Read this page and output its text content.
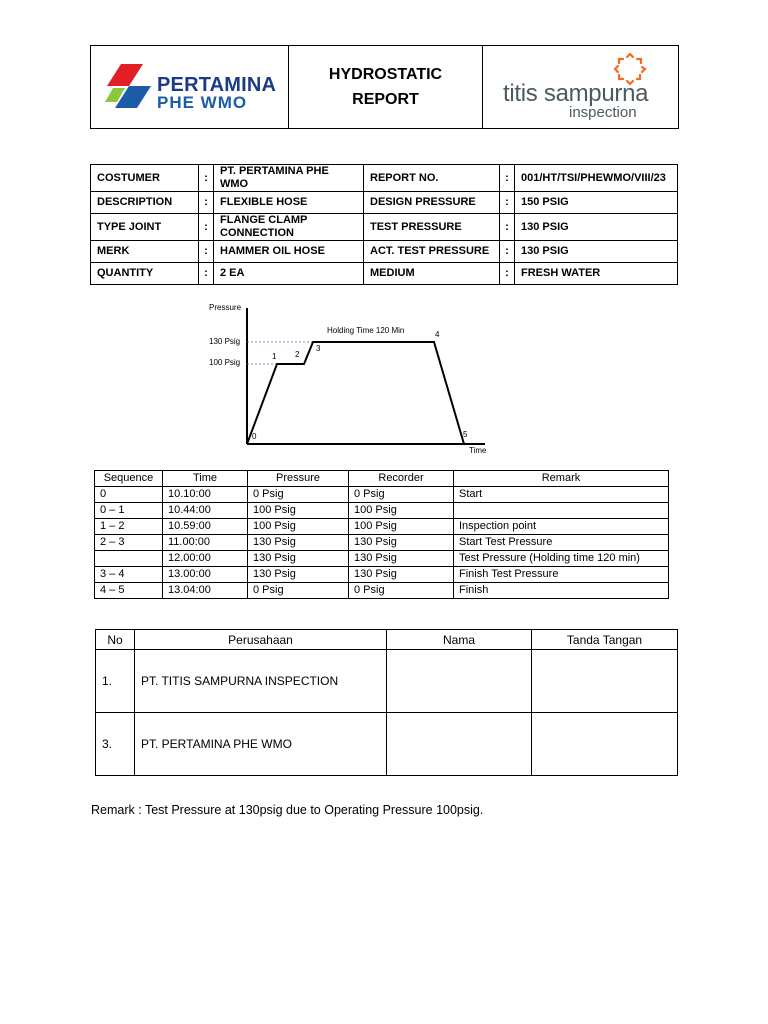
PERTAMINA
PHE WMO

HYDROSTATIC
REPORT	titis sampurna
inspection
COSTUMER	:	PT. PERTAMINA PHE WMO	REPORT NO.	:	001/HT/TSI/PHEWMO/VIII/23
DESCRIPTION	:	FLEXIBLE HOSE	DESIGN PRESSURE	:	150 PSIG
TYPE JOINT	:	FLANGE CLAMP CONNECTION	TEST PRESSURE	:	130 PSIG
MERK	:	HAMMER OIL HOSE	ACT. TEST PRESSURE	:	130 PSIG
QUANTITY	:	2 EA	MEDIUM	:	FRESH WATER
Pressure
Time
130 Psig
100 Psig
Holding Time 120 Min
0
1 2
3
4
5
Sequence	Time	Pressure	Recorder	Remark
0	10.10:00	0 Psig	0 Psig	Start
0 – 1	10.44:00	100 Psig	100 Psig	
1 – 2	10.59:00	100 Psig	100 Psig	Inspection point
2 – 3	11.00:00	130 Psig	130 Psig	Start Test Pressure
	12.00:00	130 Psig	130 Psig	Test Pressure (Holding time 120 min)
3 – 4	13.00:00	130 Psig	130 Psig	Finish Test Pressure
4 – 5	13.04:00	0 Psig	0 Psig	Finish
No	Perusahaan	Nama	Tanda Tangan
1.	PT. TITIS SAMPURNA INSPECTION		
3.	PT. PERTAMINA PHE WMO		
Remark : Test Pressure at 130psig due to Operating Pressure 100psig.
